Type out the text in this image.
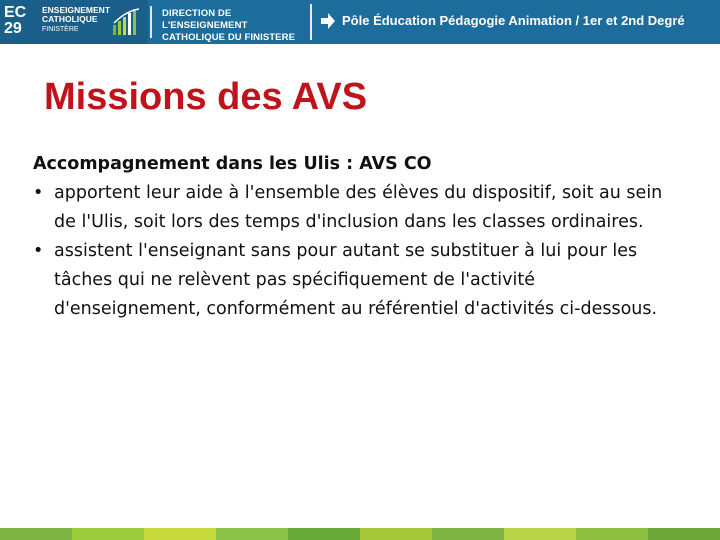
EC
29
ENSEIGNEMENT
CATHOLIQUE
FINISTÈRE
DIRECTION DE L'ENSEIGNEMENT
CATHOLIQUE DU FINISTERE
Pôle Éducation Pédagogie Animation / 1er et 2nd Degré
Missions des AVS

Accompagnement dans les Ulis : AVS CO

• apportent leur aide à l'ensemble des élèves du dispositif, soit au sein de l'Ulis, soit lors des temps d'inclusion dans les classes ordinaires.
• assistent l'enseignant sans pour autant se substituer à lui pour les tâches qui ne relèvent pas spécifiquement de l'activité d'enseignement, conformément au référentiel d'activités ci-dessous.
